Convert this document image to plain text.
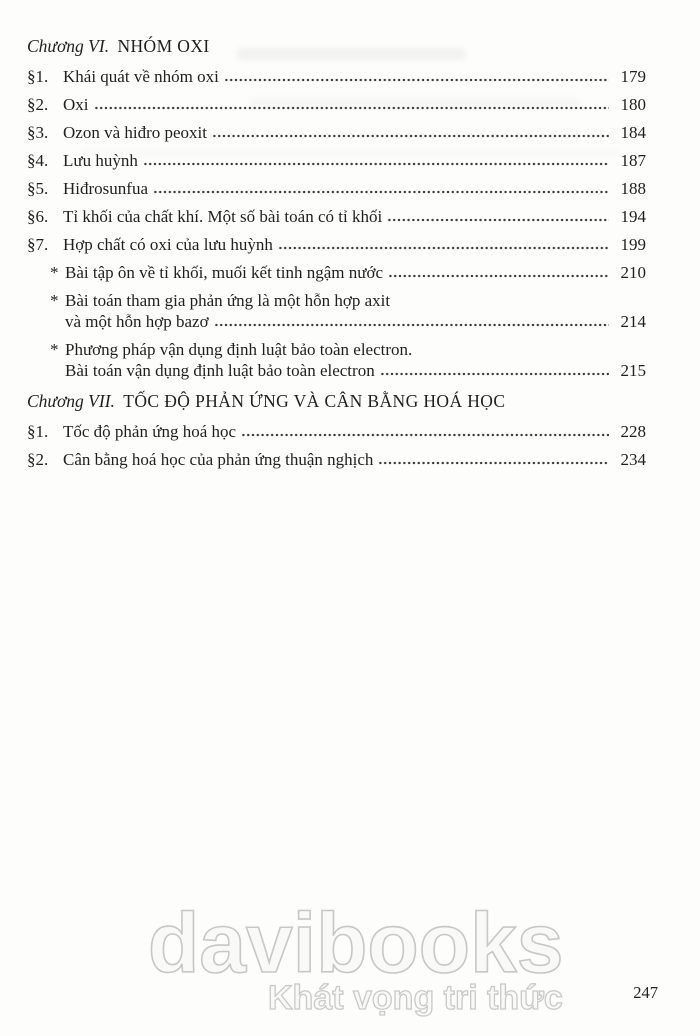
Chương VI. NHÓM OXI
§1. Khái quát về nhóm oxi	179
§2. Oxi	180
§3. Ozon và hiđro peoxit	184
§4. Lưu huỳnh	187
§5. Hiđrosunfua	188
§6. Tỉ khối của chất khí. Một số bài toán có tỉ khối	194
§7. Hợp chất có oxi của lưu huỳnh	199
* Bài tập ôn về tỉ khối, muối kết tinh ngậm nước	210
* Bài toán tham gia phản ứng là một hỗn hợp axit
và một hỗn hợp bazơ	214
* Phương pháp vận dụng định luật bảo toàn electron.
Bài toán vận dụng định luật bảo toàn electron	215
Chương VII. TỐC ĐỘ PHẢN ỨNG VÀ CÂN BẰNG HOÁ HỌC
§1. Tốc độ phản ứng hoá học	228
§2. Cân bằng hoá học của phản ứng thuận nghịch	234
davibooks
Khát vọng tri thức	247
